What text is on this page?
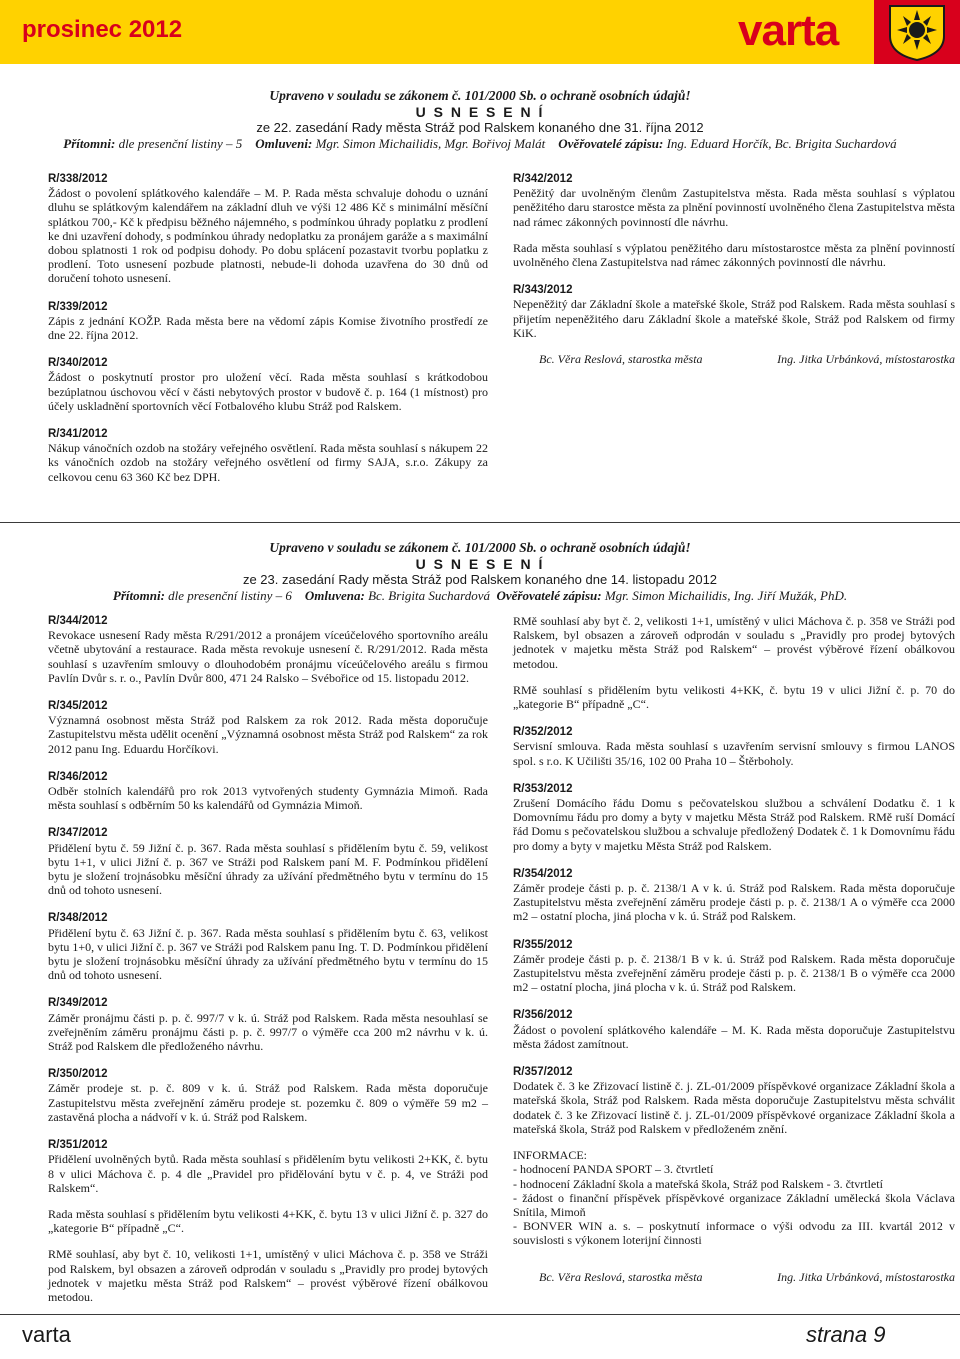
prosinec 2012	varta
Upraveno v souladu se zákonem č. 101/2000 Sb. o ochraně osobních údajů!
U S N E S E N Í
ze 22. zasedání Rady města Stráž pod Ralskem konaného dne 31. října 2012
Přítomni: dle presenční listiny – 5 Omluveni: Mgr. Simon Michailidis, Mgr. Bořivoj Malát Ověřovatelé zápisu: Ing. Eduard Horčík, Bc. Brigita Suchardová
R/338/2012

Žádost o povolení splátkového kalendáře – M. P. Rada města schvaluje dohodu o uznání dluhu se splátkovým kalendářem na základní dluh ve výši 12 486 Kč s minimální měsíční splátkou 700,- Kč k předpisu běžného nájemného, s podmínkou úhrady poplatku z prodlení ke dni uzavření dohody, s podmínkou úhrady nedoplatku za pronájem garáže a s maximální dobou splatnosti 1 rok od podpisu dohody. Po dobu splácení pozastavit tvorbu poplatku z prodlení. Toto usnesení pozbude platnosti, nebude-li dohoda uzavřena do 30 dnů od doručení tohoto usnesení.

R/339/2012

Zápis z jednání KOŽP. Rada města bere na vědomí zápis Komise životního prostředí ze dne 22. října 2012.

R/340/2012

Žádost o poskytnutí prostor pro uložení věcí. Rada města souhlasí s krátkodobou bezúplatnou úschovou věcí v části nebytových prostor v budově č. p. 164 (1 místnost) pro účely uskladnění sportovních věcí Fotbalového klubu Stráž pod Ralskem.

R/341/2012

Nákup vánočních ozdob na stožáry veřejného osvětlení. Rada města souhlasí s nákupem 22 ks vánočních ozdob na stožáry veřejného osvětlení od firmy SAJA, s.r.o. Zákupy za celkovou cenu 63 360 Kč bez DPH.

R/342/2012

Peněžitý dar uvolněným členům Zastupitelstva města. Rada města souhlasí s výplatou peněžitého daru starostce města za plnění povinností uvolněného člena Zastupitelstva města nad rámec zákonných povinností dle návrhu.

Rada města souhlasí s výplatou peněžitého daru místostarostce města za plnění povinností uvolněného člena Zastupitelstva nad rámec zákonných povinností dle návrhu.

R/343/2012

Nepeněžitý dar Základní škole a mateřské škole, Stráž pod Ralskem. Rada města souhlasí s přijetím nepeněžitého daru Základní škole a mateřské škole, Stráž pod Ralskem od firmy KiK.

Bc. Věra Reslová, starostka města	Ing. Jitka Urbánková, místostarostka
Upraveno v souladu se zákonem č. 101/2000 Sb. o ochraně osobních údajů!
U S N E S E N Í
ze 23. zasedání Rady města Stráž pod Ralskem konaného dne 14. listopadu 2012
Přítomni: dle presenční listiny – 6 Omluvena: Bc. Brigita Suchardová Ověřovatelé zápisu: Mgr. Simon Michailidis, Ing. Jiří Mužák, PhD.
R/344/2012

Revokace usnesení Rady města R/291/2012 a pronájem víceúčelového sportovního areálu včetně ubytování a restaurace. Rada města revokuje usnesení č. R/291/2012. Rada města souhlasí s uzavřením smlouvy o dlouhodobém pronájmu víceúčelového areálu s firmou Pavlín Dvůr s. r. o., Pavlín Dvůr 800, 471 24 Ralsko – Svébořice od 15. listopadu 2012.

R/345/2012

Významná osobnost města Stráž pod Ralskem za rok 2012. Rada města doporučuje Zastupitelstvu města udělit ocenění „Významná osobnost města Stráž pod Ralskem“ za rok 2012 panu Ing. Eduardu Horčíkovi.

R/346/2012

Odběr stolních kalendářů pro rok 2013 vytvořených studenty Gymnázia Mimoň. Rada města souhlasí s odběrním 50 ks kalendářů od Gymnázia Mimoň.

R/347/2012

Přidělení bytu č. 59 Jižní č. p. 367. Rada města souhlasí s přidělením bytu č. 59, velikost bytu 1+1, v ulici Jižní č. p. 367 ve Stráži pod Ralskem paní M. F. Podmínkou přidělení bytu je složení trojnásobku měsíční úhrady za užívání předmětného bytu v termínu do 15 dnů od tohoto usnesení.

R/348/2012

Přidělení bytu č. 63 Jižní č. p. 367. Rada města souhlasí s přidělením bytu č. 63, velikost bytu 1+0, v ulici Jižní č. p. 367 ve Stráži pod Ralskem panu Ing. T. D. Podmínkou přidělení bytu je složení trojnásobku měsíční úhrady za užívání předmětného bytu v termínu do 15 dnů od tohoto usnesení.

R/349/2012

Záměr pronájmu části p. p. č. 997/7 v k. ú. Stráž pod Ralskem. Rada města nesouhlasí se zveřejněním záměru pronájmu části p. p. č. 997/7 o výměře cca 200 m2 návrhu v k. ú. Stráž pod Ralskem dle předloženého návrhu.

R/350/2012

Záměr prodeje st. p. č. 809 v k. ú. Stráž pod Ralskem. Rada města doporučuje Zastupitelstvu města zveřejnění záměru prodeje st. pozemku č. 809 o výměře 59 m2 – zastavěná plocha a nádvoří v k. ú. Stráž pod Ralskem.

R/351/2012

Přidělení uvolněných bytů. Rada města souhlasí s přidělením bytu velikosti 2+KK, č. bytu 8 v ulici Máchova č. p. 4 dle „Pravidel pro přidělování bytu v č. p. 4, ve Stráži pod Ralskem“.

Rada města souhlasí s přidělením bytu velikosti 4+KK, č. bytu 13 v ulici Jižní č. p. 327 do „kategorie B“ případně „C“.

RMě souhlasí, aby byt č. 10, velikosti 1+1, umístěný v ulici Máchova č. p. 358 ve Stráži pod Ralskem, byl obsazen a zároveň odprodán v souladu s „Pravidly pro prodej bytových jednotek v majetku města Stráž pod Ralskem“ – provést výběrové řízení obálkovou metodou.

RMě souhlasí aby byt č. 2, velikosti 1+1, umístěný v ulici Máchova č. p. 358 ve Stráži pod Ralskem, byl obsazen a zároveň odprodán v souladu s „Pravidly pro prodej bytových jednotek v majetku města Stráž pod Ralskem“ – provést výběrové řízení obálkovou metodou.

RMě souhlasí s přidělením bytu velikosti 4+KK, č. bytu 19 v ulici Jižní č. p. 70 do „kategorie B“ případně „C“.

R/352/2012

Servisní smlouva. Rada města souhlasí s uzavřením servisní smlouvy s firmou LANOS spol. s r.o. K Učilišti 35/16, 102 00 Praha 10 – Štěrboholy.

R/353/2012

Zrušení Domácího řádu Domu s pečovatelskou službou a schválení Dodatku č. 1 k Domovnímu řádu pro domy a byty v majetku Města Stráž pod Ralskem. RMě ruší Domácí řád Domu s pečovatelskou službou a schvaluje předložený Dodatek č. 1 k Domovnímu řádu pro domy a byty v majetku Města Stráž pod Ralskem.

R/354/2012

Záměr prodeje části p. p. č. 2138/1 A v k. ú. Stráž pod Ralskem. Rada města doporučuje Zastupitelstvu města zveřejnění záměru prodeje části p. p. č. 2138/1 A o výměře cca 2000 m2 – ostatní plocha, jiná plocha v k. ú. Stráž pod Ralskem.

R/355/2012

Záměr prodeje části p. p. č. 2138/1 B v k. ú. Stráž pod Ralskem. Rada města doporučuje Zastupitelstvu města zveřejnění záměru prodeje části p. p. č. 2138/1 B o výměře cca 2000 m2 – ostatní plocha, jiná plocha v k. ú. Stráž pod Ralskem.

R/356/2012

Žádost o povolení splátkového kalendáře – M. K. Rada města doporučuje Zastupitelstvu města žádost zamítnout.

R/357/2012

Dodatek č. 3 ke Zřizovací listině č. j. ZL-01/2009 příspěvkové organizace Základní škola a mateřská škola, Stráž pod Ralskem. Rada města doporučuje Zastupitelstvu města schválit dodatek č. 3 ke Zřizovací listině č. j. ZL-01/2009 příspěvkové organizace Základní škola a mateřská škola, Stráž pod Ralskem v předloženém znění.

INFORMACE:

- hodnocení PANDA SPORT – 3. čtvrtletí

- hodnocení Základní škola a mateřská škola, Stráž pod Ralskem - 3. čtvrtletí

- žádost o finanční příspěvek příspěvkové organizace Základní umělecká škola Václava Snítila, Mimoň

- BONVER WIN a. s. – poskytnutí informace o výši odvodu za III. kvartál 2012 v souvislosti s výkonem loterijní činnosti

Bc. Věra Reslová, starostka města	Ing. Jitka Urbánková, místostarostka
varta	strana 9
